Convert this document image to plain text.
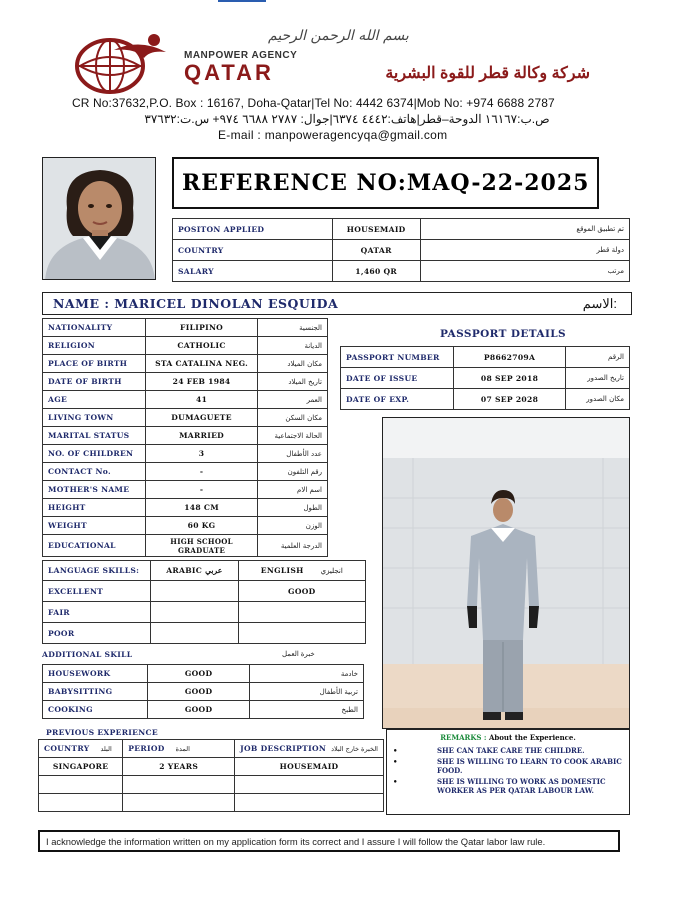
بسم الله الرحمن الرحيم
MANPOWER AGENCY
QATAR	شركة وكالة قطر للقوة البشرية
CR No:37632,P.O. Box : 16167, Doha-Qatar|Tel No: 4442 6374|Mob No: +974 6688 2787
ص.ب:١٦١٦٧ الدوحة–قطر|هاتف:٤٤٤٢ ٦٣٧٤|جوال: ٢٧٨٧ ٦٦٨٨ ٩٧٤+ س.ت:٣٧٦٣٢
E-mail : manpoweragencyqa@gmail.com
REFERENCE NO:MAQ-22-2025
POSITON APPLIED	HOUSEMAID	تم تطبيق الموقع
COUNTRY	QATAR	دولة قطر
SALARY	1,460 QR	مرتب
NAME : MARICEL DINOLAN ESQUIDA	الاسم:
NATIONALITY	FILIPINO	الجنسية
RELIGION	CATHOLIC	الديانة
PLACE OF BIRTH	STA CATALINA NEG.	مكان الميلاد
DATE OF BIRTH	24 FEB 1984	تاريخ الميلاد
AGE	41	العمر
LIVING TOWN	DUMAGUETE	مكان السكن
MARITAL STATUS	MARRIED	الحالة الاجتماعية
NO. OF CHILDREN	3	عدد الأطفال
CONTACT No.	-	رقم التلفون
MOTHER'S NAME	-	اسم الام
HEIGHT	148 CM	الطول
WEIGHT	60 KG	الوزن
EDUCATIONAL	HIGH SCHOOL GRADUATE	الدرجة العلمية
PASSPORT DETAILS
PASSPORT NUMBER	P8662709A	الرقم
DATE OF ISSUE	08 SEP 2018	تاريخ الصدور
DATE OF EXP.	07 SEP 2028	مكان الصدور
LANGUAGE SKILLS:	ARABIC عربي	ENGLISH انجليزي
EXCELLENT		GOOD
FAIR		
POOR		
ADDITIONAL SKILL	خبرة العمل
HOUSEWORK	GOOD	خادمة
BABYSITTING	GOOD	تربية الأطفال
COOKING	GOOD	الطبخ
PREVIOUS EXPERIENCE
COUNTRY البلد	PERIOD المدة	JOB DESCRIPTION الخبرة خارج البلاد
SINGAPORE	2 YEARS	HOUSEMAID

REMARKS : About the Experience.
•	SHE CAN TAKE CARE THE CHILDRE.
•	SHE IS WILLING TO LEARN TO COOK ARABIC FOOD.
•	SHE IS WILLING TO WORK AS DOMESTIC WORKER AS PER QATAR LABOUR LAW.
I acknowledge the information written on my application form its correct and I assure I will follow the Qatar labor law rule.
